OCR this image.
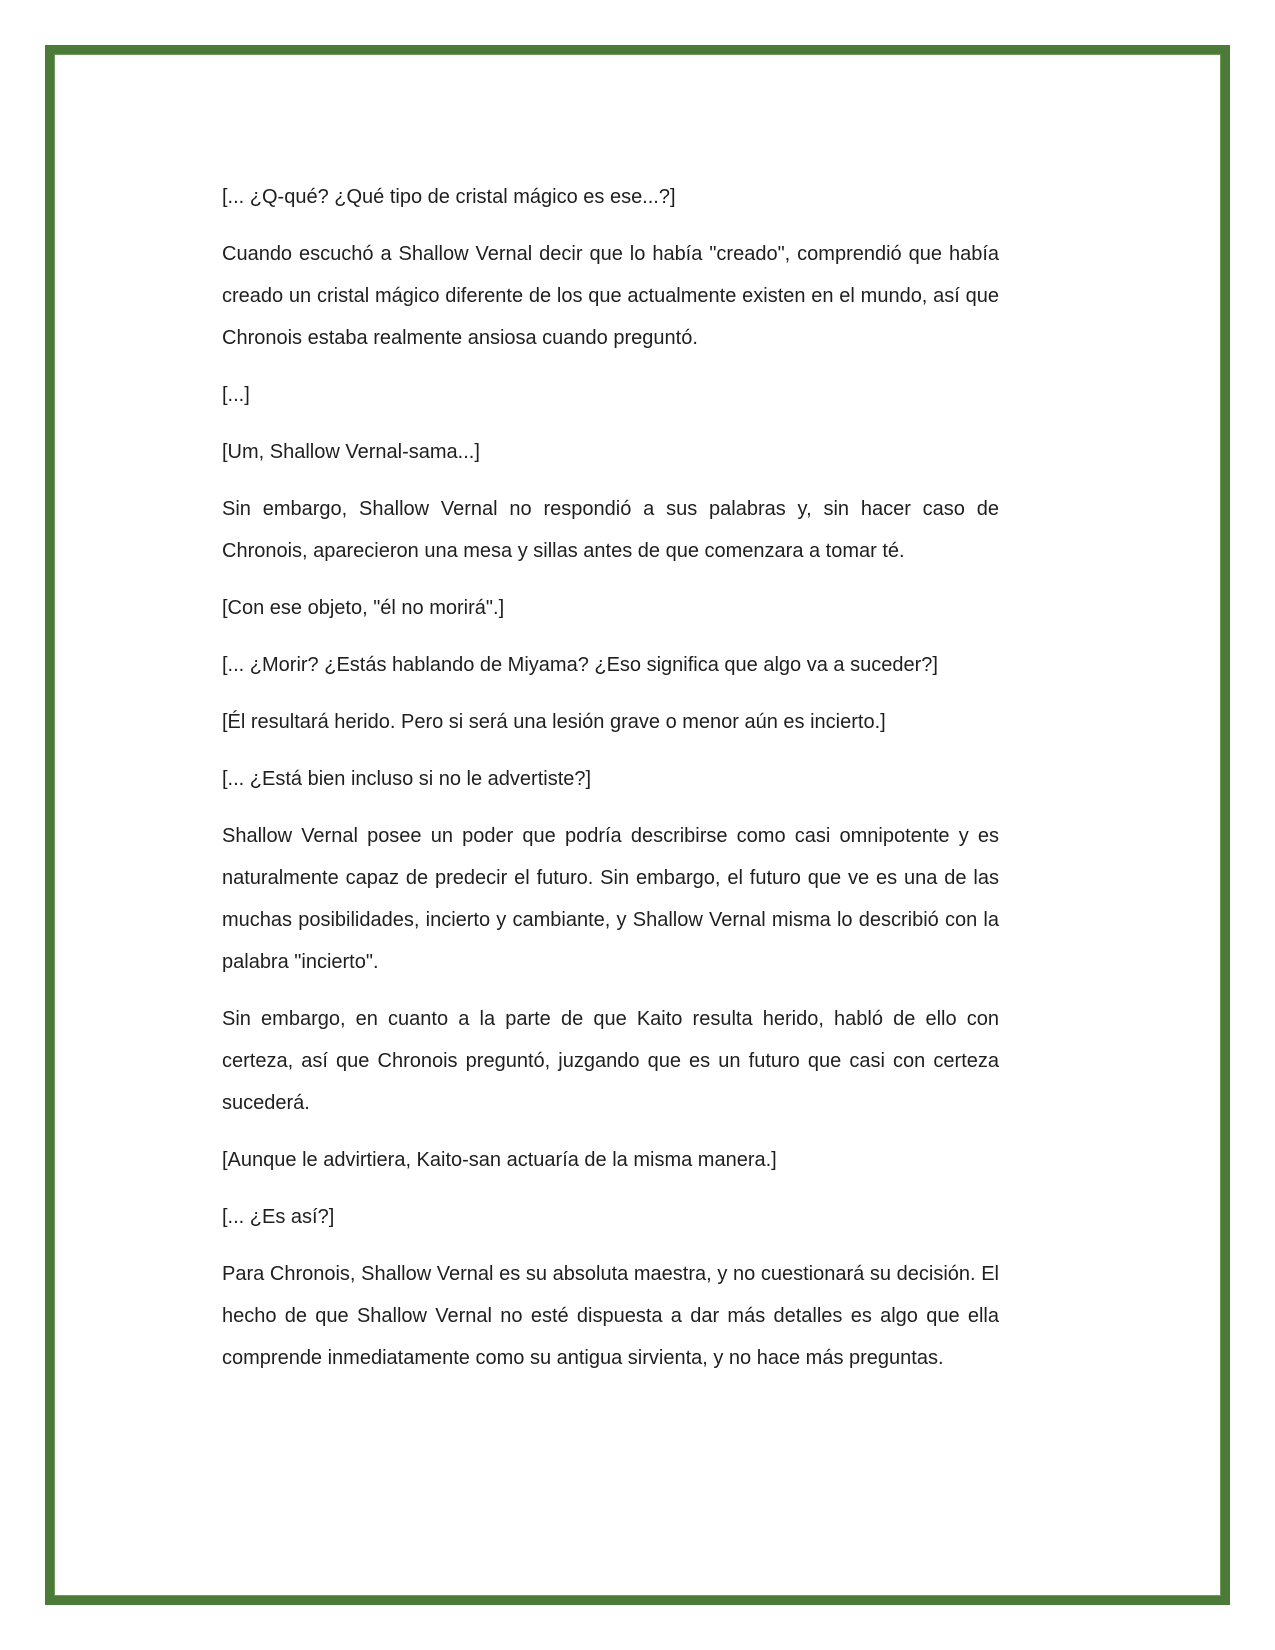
[... ¿Q-qué? ¿Qué tipo de cristal mágico es ese...?]

Cuando escuchó a Shallow Vernal decir que lo había "creado", comprendió que había creado un cristal mágico diferente de los que actualmente existen en el mundo, así que Chronois estaba realmente ansiosa cuando preguntó.

[...]

[Um, Shallow Vernal-sama...]

Sin embargo, Shallow Vernal no respondió a sus palabras y, sin hacer caso de Chronois, aparecieron una mesa y sillas antes de que comenzara a tomar té.

[Con ese objeto, "él no morirá".]

[... ¿Morir? ¿Estás hablando de Miyama? ¿Eso significa que algo va a suceder?]

[Él resultará herido. Pero si será una lesión grave o menor aún es incierto.]

[... ¿Está bien incluso si no le advertiste?]

Shallow Vernal posee un poder que podría describirse como casi omnipotente y es naturalmente capaz de predecir el futuro. Sin embargo, el futuro que ve es una de las muchas posibilidades, incierto y cambiante, y Shallow Vernal misma lo describió con la palabra "incierto".

Sin embargo, en cuanto a la parte de que Kaito resulta herido, habló de ello con certeza, así que Chronois preguntó, juzgando que es un futuro que casi con certeza sucederá.

[Aunque le advirtiera, Kaito-san actuaría de la misma manera.]

[... ¿Es así?]

Para Chronois, Shallow Vernal es su absoluta maestra, y no cuestionará su decisión. El hecho de que Shallow Vernal no esté dispuesta a dar más detalles es algo que ella comprende inmediatamente como su antigua sirvienta, y no hace más preguntas.
